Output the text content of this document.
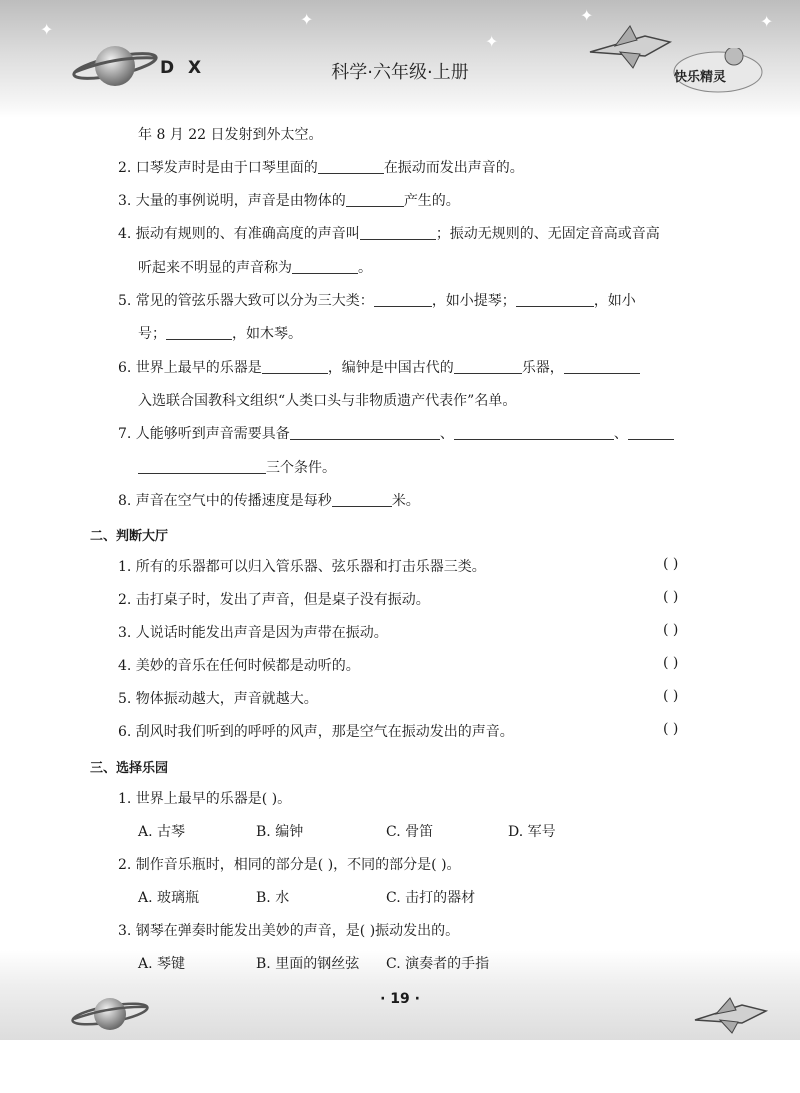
✦
✦
✦	✦
✦
D X	科学·六年级·上册	快乐精灵
年 8 月 22 日发射到外太空。
2. 口琴发声时是由于口琴里面的	在振动而发出声音的。
3. 大量的事例说明，声音是由物体的	产生的。
4. 振动有规则的、有准确高度的声音叫	；振动无规则的、无固定音高或音高
听起来不明显的声音称为	。
5. 常见的管弦乐器大致可以分为三大类：	，如小提琴；	，如小
号；	，如木琴。
6. 世界上最早的乐器是	，编钟是中国古代的	乐器，
入选联合国教科文组织“人类口头与非物质遗产代表作”名单。
7. 人能够听到声音需要具备	、	、
三个条件。
8. 声音在空气中的传播速度是每秒	米。
二、判断大厅
1. 所有的乐器都可以归入管乐器、弦乐器和打击乐器三类。	( )
2. 击打桌子时，发出了声音，但是桌子没有振动。	( )
3. 人说话时能发出声音是因为声带在振动。	( )
4. 美妙的音乐在任何时候都是动听的。	( )
5. 物体振动越大，声音就越大。	( )
6. 刮风时我们听到的呼呼的风声，那是空气在振动发出的声音。	( )
三、选择乐园
1. 世界上最早的乐器是( )。
A. 古琴	B. 编钟	C. 骨笛	D. 军号
2. 制作音乐瓶时，相同的部分是( )，不同的部分是( )。
A. 玻璃瓶	B. 水	C. 击打的器材
3. 钢琴在弹奏时能发出美妙的声音，是( )振动发出的。
A. 琴键	B. 里面的钢丝弦 C. 演奏者的手指
· 19 ·
